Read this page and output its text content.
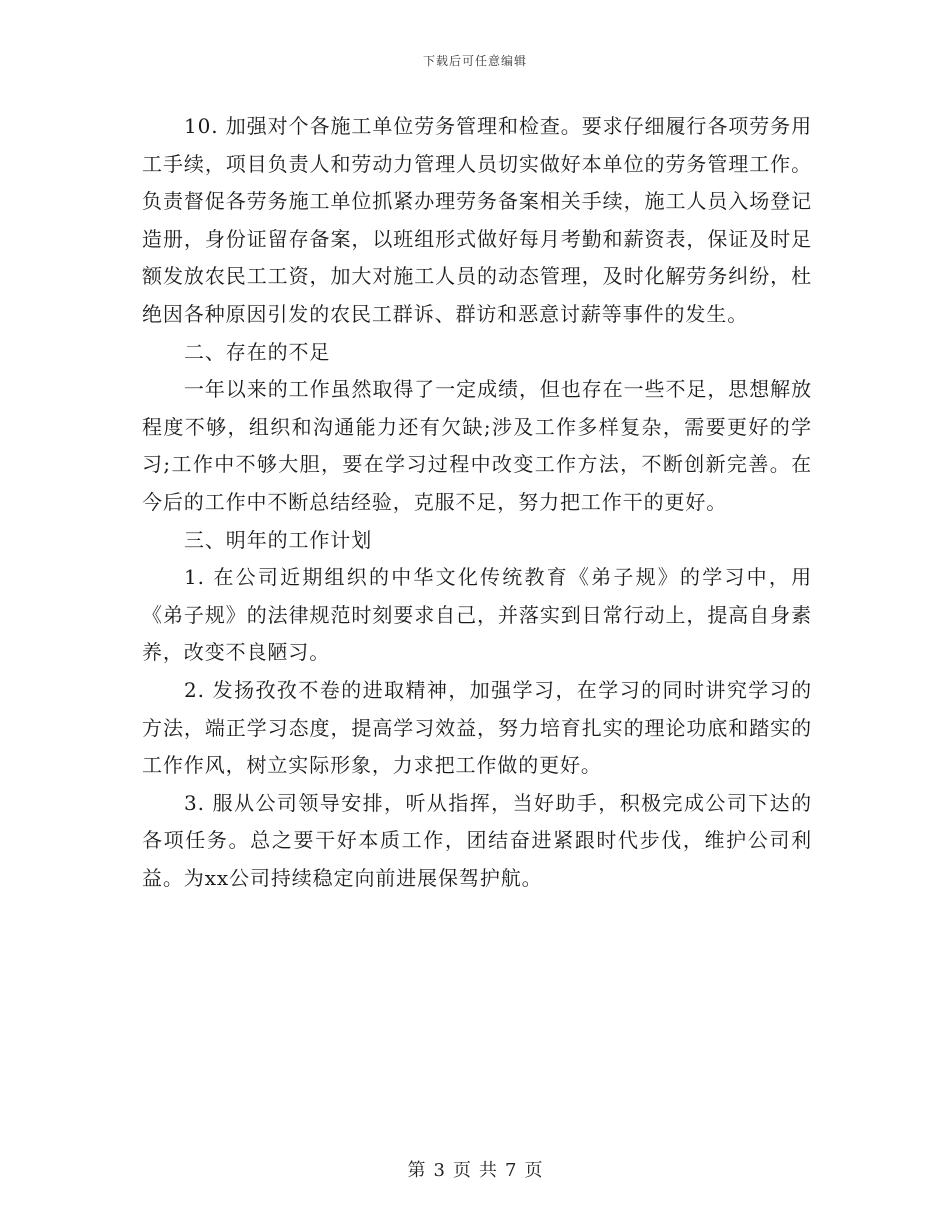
下载后可任意编辑

10. 加强对个各施工单位劳务管理和检查。要求仔细履行各项劳务用工手续，项目负责人和劳动力管理人员切实做好本单位的劳务管理工作。负责督促各劳务施工单位抓紧办理劳务备案相关手续，施工人员入场登记造册，身份证留存备案，以班组形式做好每月考勤和薪资表，保证及时足额发放农民工工资，加大对施工人员的动态管理，及时化解劳务纠纷，杜绝因各种原因引发的农民工群诉、群访和恶意讨薪等事件的发生。

二、存在的不足

一年以来的工作虽然取得了一定成绩，但也存在一些不足，思想解放程度不够，组织和沟通能力还有欠缺;涉及工作多样复杂，需要更好的学习;工作中不够大胆，要在学习过程中改变工作方法，不断创新完善。在今后的工作中不断总结经验，克服不足，努力把工作干的更好。

三、明年的工作计划

1. 在公司近期组织的中华文化传统教育《弟子规》的学习中，用《弟子规》的法律规范时刻要求自己，并落实到日常行动上，提高自身素养，改变不良陋习。

2. 发扬孜孜不卷的进取精神，加强学习，在学习的同时讲究学习的方法，端正学习态度，提高学习效益，努力培育扎实的理论功底和踏实的工作作风，树立实际形象，力求把工作做的更好。

3. 服从公司领导安排，听从指挥，当好助手，积极完成公司下达的各项任务。总之要干好本质工作，团结奋进紧跟时代步伐，维护公司利益。为xx公司持续稳定向前进展保驾护航。

第 3 页 共 7 页
